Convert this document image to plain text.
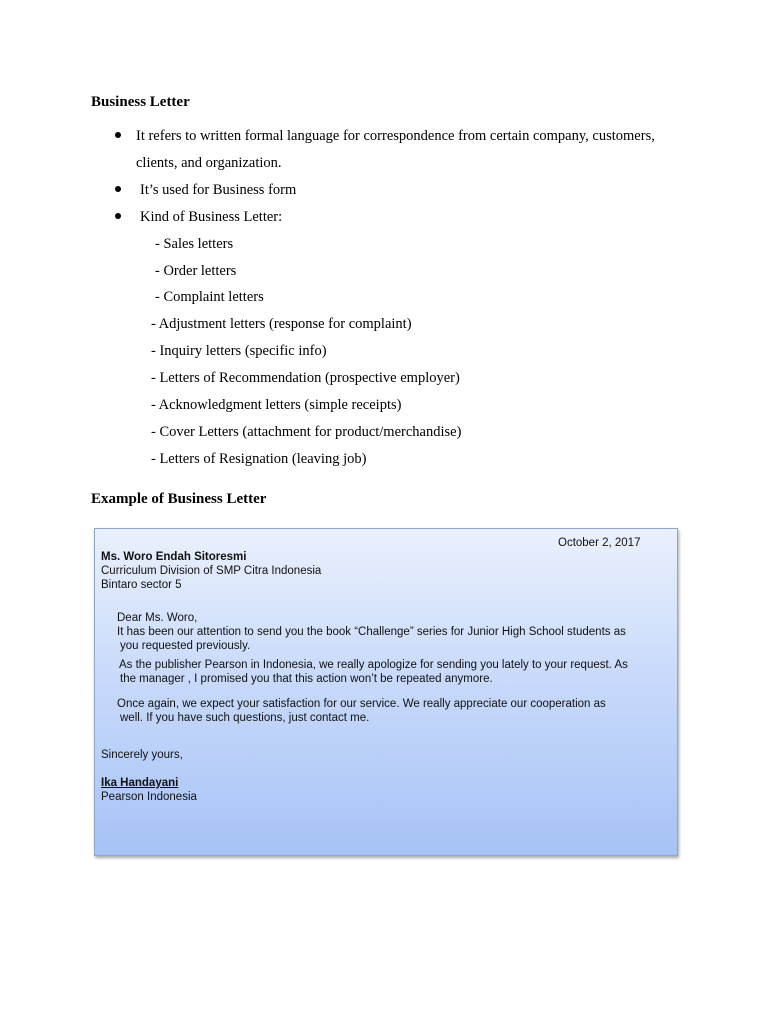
Business Letter
It refers to written formal language for correspondence from certain company, customers,
clients, and organization.
It’s used for Business form
Kind of Business Letter:
- Sales letters
- Order letters
- Complaint letters
- Adjustment letters (response for complaint)
- Inquiry letters (specific info)
- Letters of Recommendation (prospective employer)
- Acknowledgment letters (simple receipts)
- Cover Letters (attachment for product/merchandise)
- Letters of Resignation (leaving job)
Example of Business Letter
October 2, 2017
Ms. Woro Endah Sitoresmi
Curriculum Division of SMP Citra Indonesia
Bintaro sector 5
Dear Ms. Woro,
It has been our attention to send you the book “Challenge” series for Junior High School students as
you requested previously.
As the publisher Pearson in Indonesia, we really apologize for sending you lately to your request. As
the manager , I promised you that this action won’t be repeated anymore.
Once again, we expect your satisfaction for our service. We really appreciate our cooperation as
well. If you have such questions, just contact me.
Sincerely yours,
Ika Handayani
Pearson Indonesia
